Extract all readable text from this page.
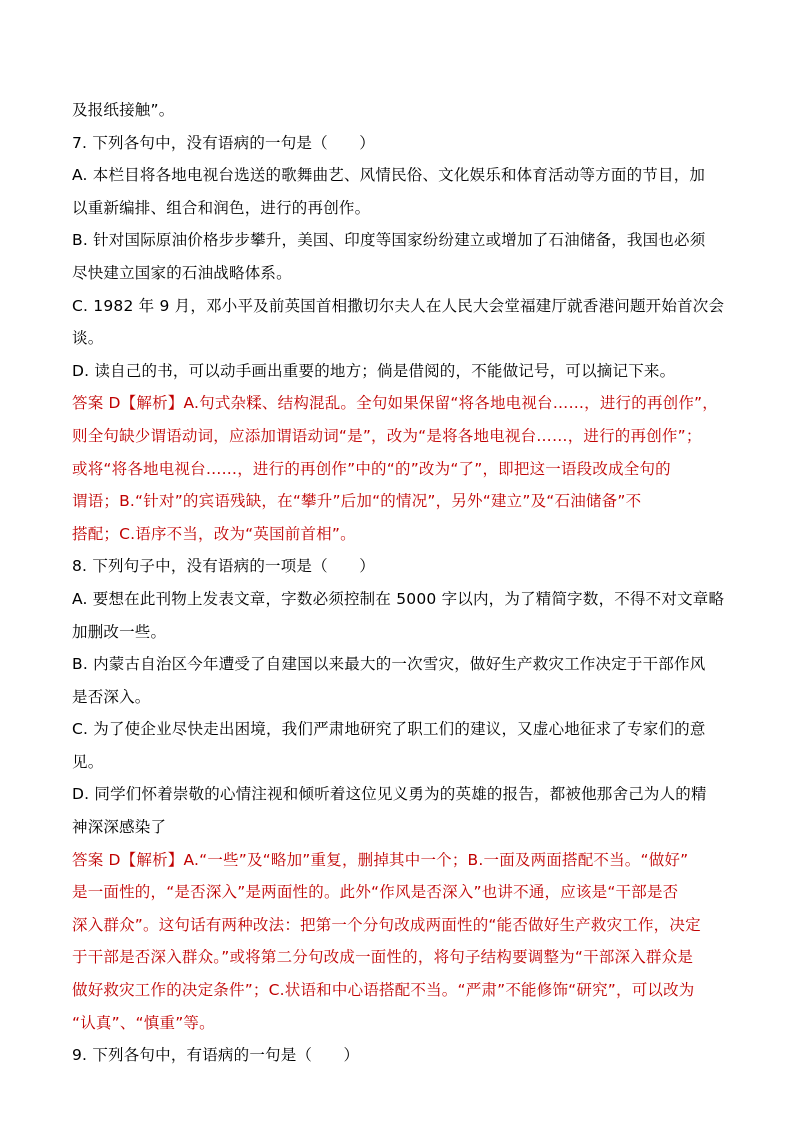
及报纸接触”。
7. 下列各句中，没有语病的一句是（　　）
A. 本栏目将各地电视台选送的歌舞曲艺、风情民俗、文化娱乐和体育活动等方面的节目，加
以重新编排、组合和润色，进行的再创作。
B. 针对国际原油价格步步攀升，美国、印度等国家纷纷建立或增加了石油储备，我国也必须
尽快建立国家的石油战略体系。
C. 1982 年 9 月，邓小平及前英国首相撒切尔夫人在人民大会堂福建厅就香港问题开始首次会
谈。
D. 读自己的书，可以动手画出重要的地方；倘是借阅的，不能做记号，可以摘记下来。
答案 D【解析】A.句式杂糅、结构混乱。全句如果保留“将各地电视台……，进行的再创作”，
则全句缺少谓语动词，应添加谓语动词“是”，改为“是将各地电视台……，进行的再创作”；
或将“将各地电视台……，进行的再创作”中的“的”改为“了”，即把这一语段改成全句的
谓语；B.“针对”的宾语残缺，在“攀升”后加“的情况”，另外“建立”及“石油储备”不
搭配；C.语序不当，改为“英国前首相”。
8. 下列句子中，没有语病的一项是（　　）
A. 要想在此刊物上发表文章，字数必须控制在 5000 字以内，为了精简字数，不得不对文章略
加删改一些。
B. 内蒙古自治区今年遭受了自建国以来最大的一次雪灾，做好生产救灾工作决定于干部作风
是否深入。
C. 为了使企业尽快走出困境，我们严肃地研究了职工们的建议，又虚心地征求了专家们的意
见。
D. 同学们怀着崇敬的心情注视和倾听着这位见义勇为的英雄的报告，都被他那舍己为人的精
神深深感染了
答案 D【解析】A.“一些”及“略加”重复，删掉其中一个；B.一面及两面搭配不当。“做好”
是一面性的，“是否深入”是两面性的。此外“作风是否深入”也讲不通，应该是“干部是否
深入群众”。这句话有两种改法：把第一个分句改成两面性的“能否做好生产救灾工作，决定
于干部是否深入群众。”或将第二分句改成一面性的，将句子结构要调整为“干部深入群众是
做好救灾工作的决定条件”；C.状语和中心语搭配不当。“严肃”不能修饰“研究”，可以改为
“认真”、“慎重”等。
9. 下列各句中，有语病的一句是（　　）
